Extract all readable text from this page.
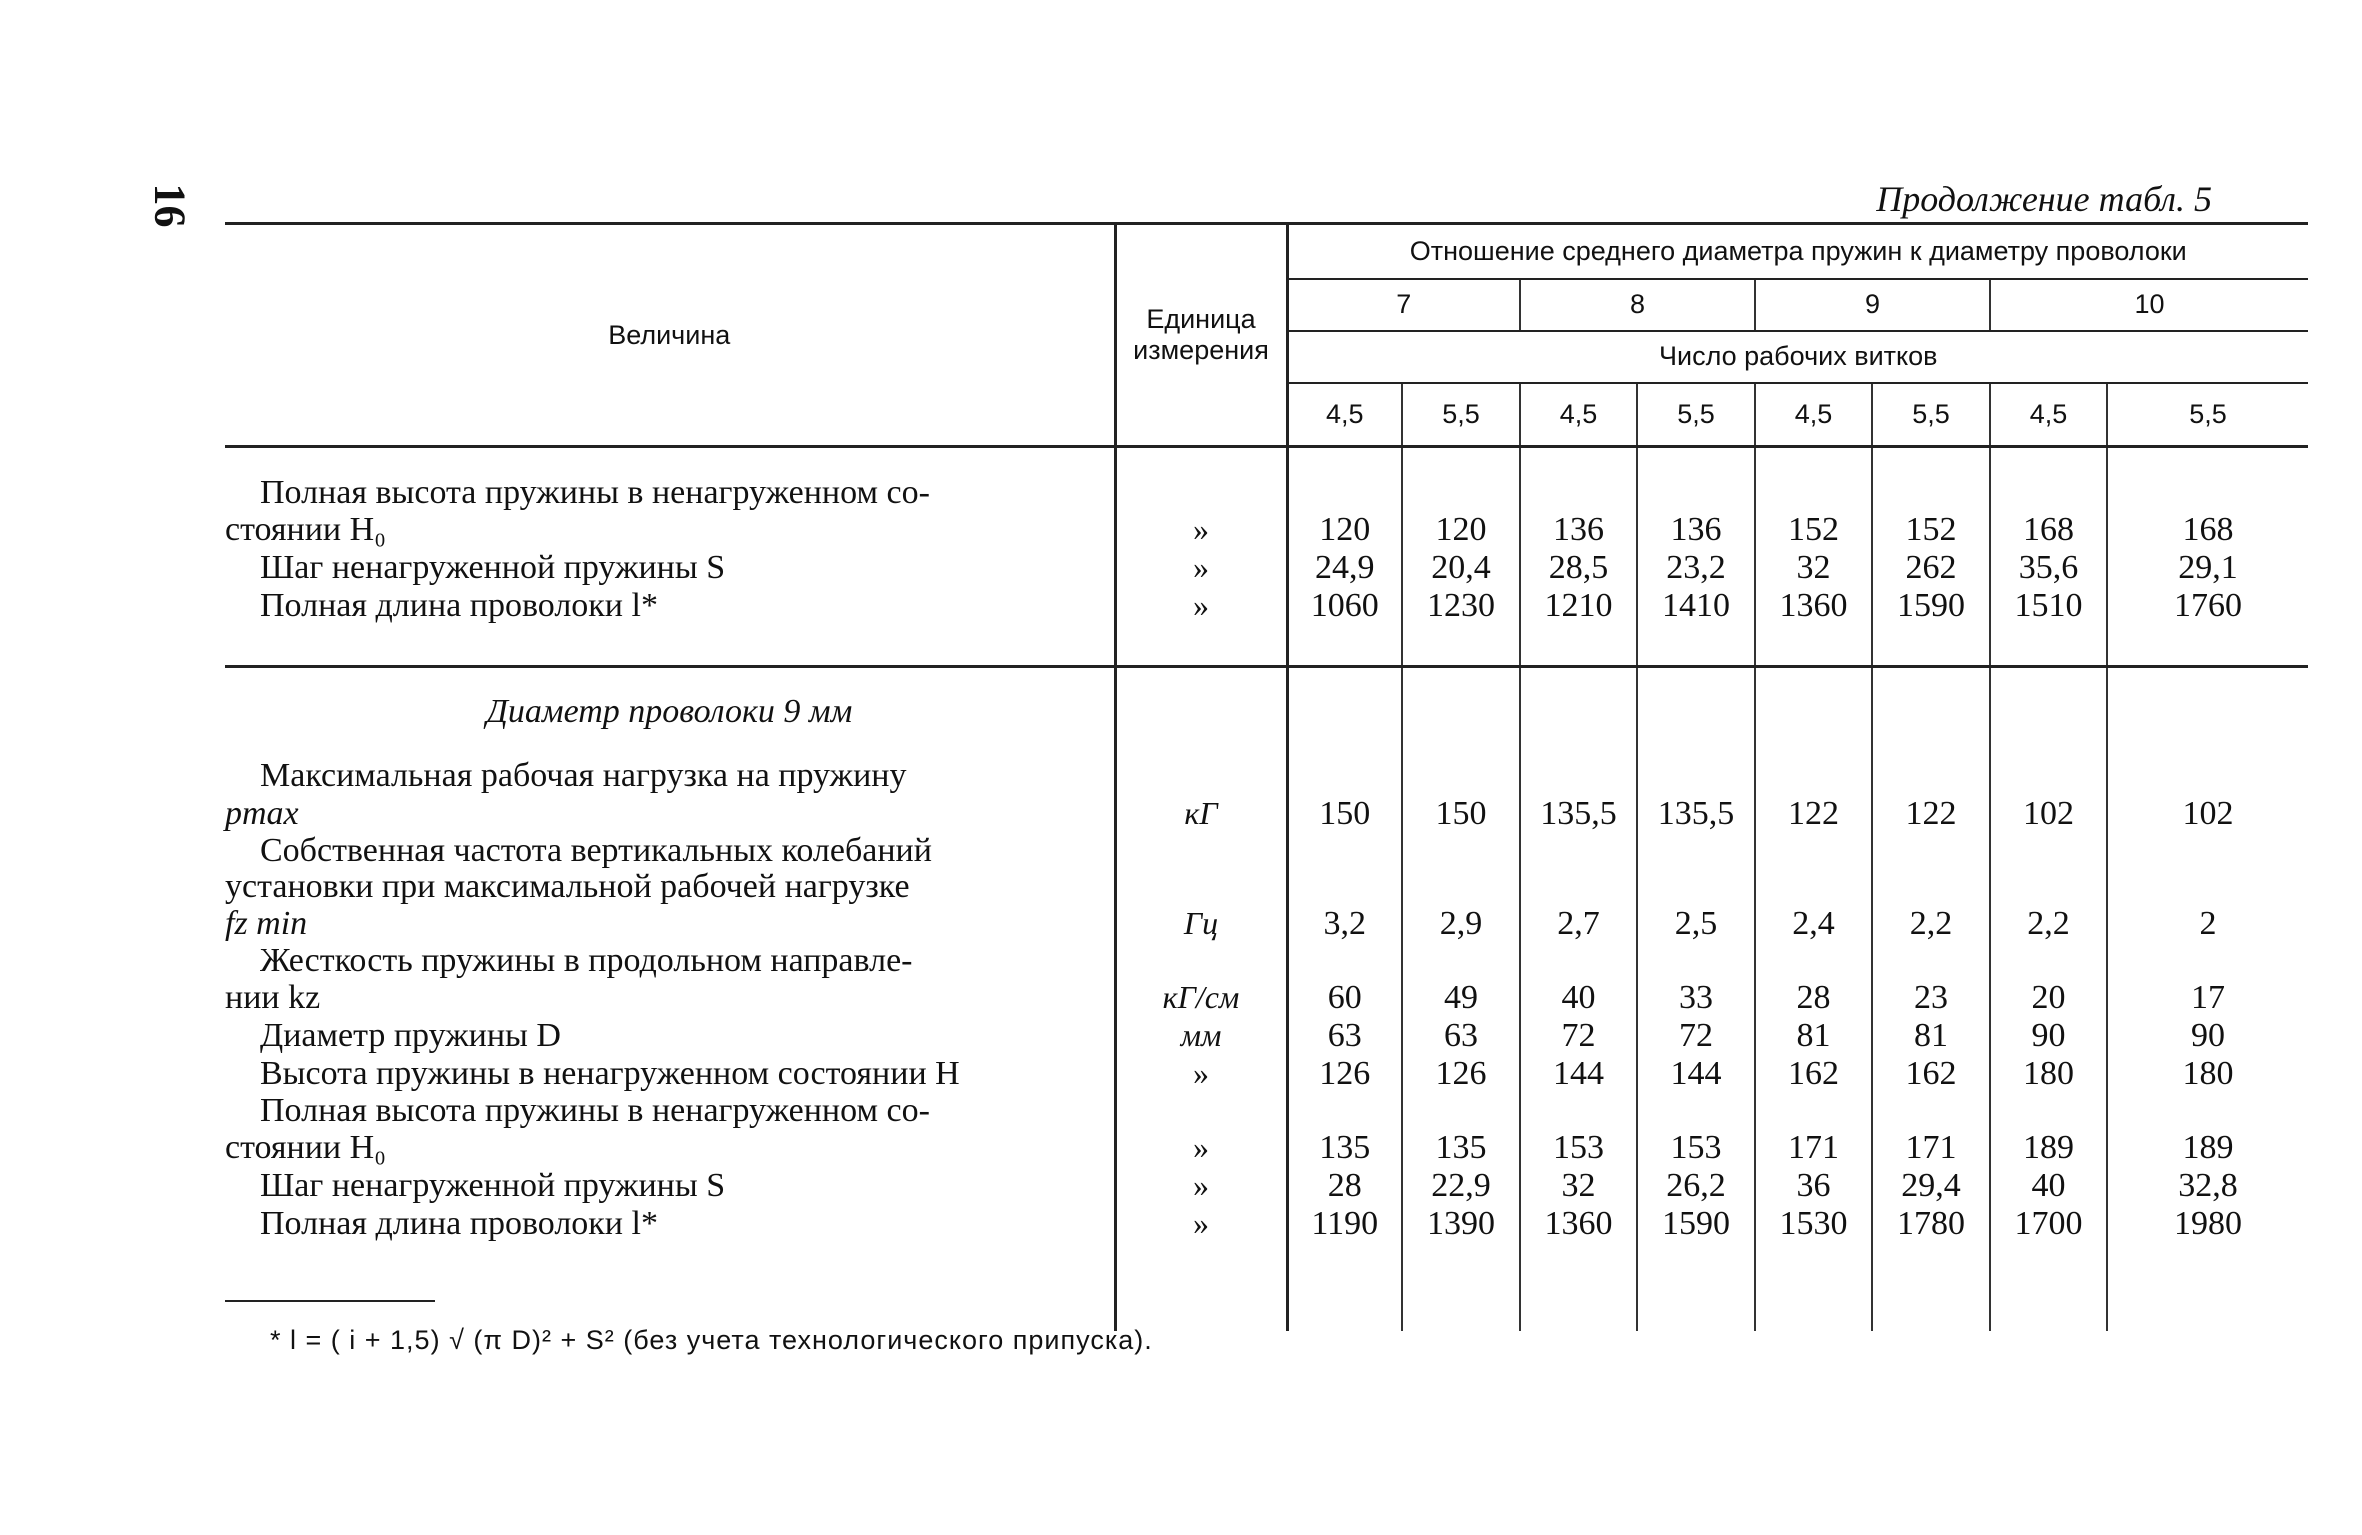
16	Продолжение табл. 5
Величина	Единица измерения	Отношение среднего диаметра пружин к диаметру проволоки							
		7		8		9		10	
		Число рабочих витков							
		4,5	5,5	4,5	5,5	4,5	5,5	4,5	5,5

Полная высота пружины в ненагруженном со-									
стоянии H₀	»	120	120	136	136	152	152	168	168
Шаг ненагруженной пружины S	»	24,9	20,4	28,5	23,2	32	262	35,6	29,1
Полная длина проволоки l*	»	1060	1230	1210	1410	1360	1590	1510	1760

Диаметр проволоки 9 мм									
Максимальная рабочая нагрузка на пружину									
pmax	кГ	150	150	135,5	135,5	122	122	102	102
Собственная частота вертикальных колебаний									
установки при максимальной рабочей нагрузке									
fz min	Гц	3,2	2,9	2,7	2,5	2,4	2,2	2,2	2
Жесткость пружины в продольном направле-									
нии kz	кГ/см	60	49	40	33	28	23	20	17
Диаметр пружины D	мм	63	63	72	72	81	81	90	90
Высота пружины в ненагруженном состоянии H	»	126	126	144	144	162	162	180	180
Полная высота пружины в ненагруженном со-									
стоянии H₀	»	135	135	153	153	171	171	189	189
Шаг ненагруженной пружины S	»	28	22,9	32	26,2	36	29,4	40	32,8
Полная длина проволоки l*	»	1190	1390	1360	1590	1530	1780	1700	1980

* l = ( i + 1,5) √ (π D)² + S² (без учета технологического припуска).
